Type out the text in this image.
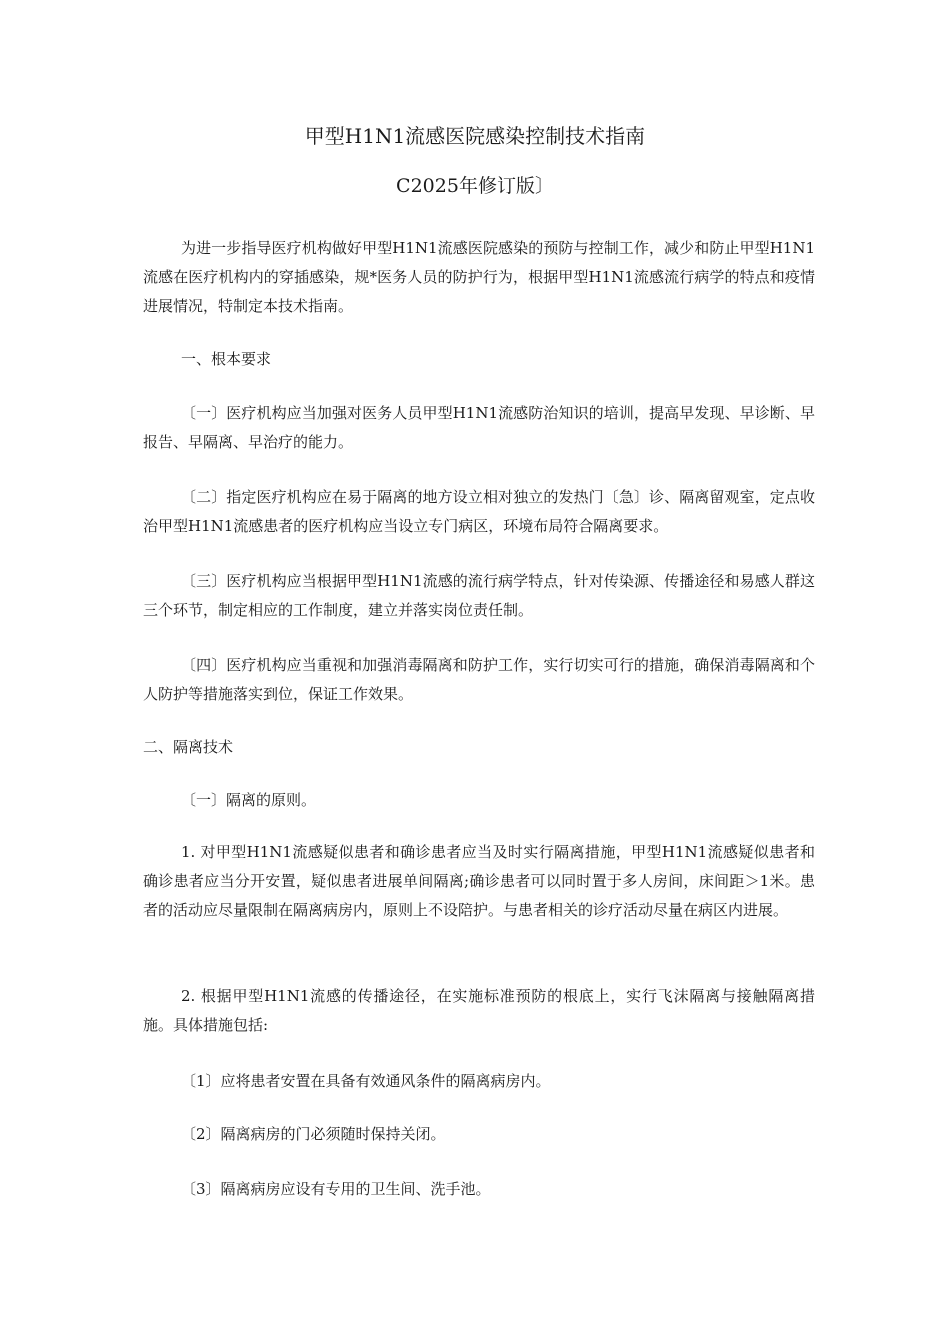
甲型H1N1流感医院感染控制技术指南
C2025年修订版〕

为进一步指导医疗机构做好甲型H1N1流感医院感染的预防与控制工作，减少和防止甲型H1N1流感在医疗机构内的穿插感染，规*医务人员的防护行为，根据甲型H1N1流感流行病学的特点和疫情进展情况，特制定本技术指南。

一、根本要求

〔一〕医疗机构应当加强对医务人员甲型H1N1流感防治知识的培训，提高早发现、早诊断、早报告、早隔离、早治疗的能力。

〔二〕指定医疗机构应在易于隔离的地方设立相对独立的发热门〔急〕诊、隔离留观室，定点收治甲型H1N1流感患者的医疗机构应当设立专门病区，环境布局符合隔离要求。

〔三〕医疗机构应当根据甲型H1N1流感的流行病学特点，针对传染源、传播途径和易感人群这三个环节，制定相应的工作制度，建立并落实岗位责任制。

〔四〕医疗机构应当重视和加强消毒隔离和防护工作，实行切实可行的措施，确保消毒隔离和个人防护等措施落实到位，保证工作效果。

二、隔离技术
〔一〕隔离的原则。

1. 对甲型H1N1流感疑似患者和确诊患者应当及时实行隔离措施，甲型H1N1流感疑似患者和确诊患者应当分开安置，疑似患者进展单间隔离;确诊患者可以同时置于多人房间，床间距＞1米。患者的活动应尽量限制在隔离病房内，原则上不设陪护。与患者相关的诊疗活动尽量在病区内进展。

2. 根据甲型H1N1流感的传播途径，在实施标准预防的根底上，实行飞沫隔离与接触隔离措施。具体措施包括:

〔1〕应将患者安置在具备有效通风条件的隔离病房内。
〔2〕隔离病房的门必须随时保持关闭。
〔3〕隔离病房应设有专用的卫生间、洗手池。
